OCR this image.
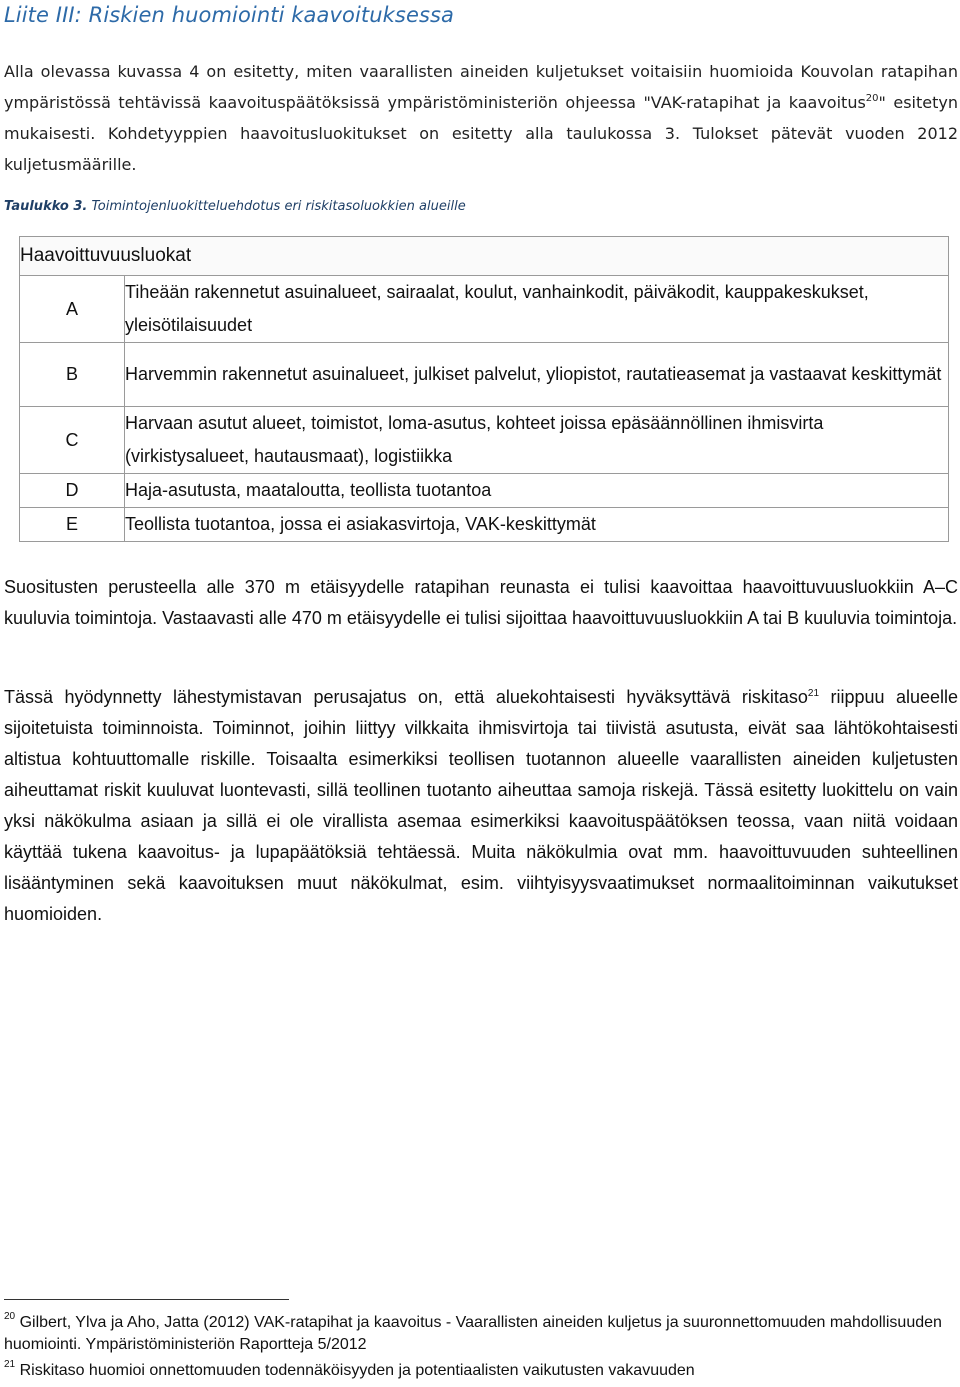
Liite III: Riskien huomiointi kaavoituksessa
Alla olevassa kuvassa 4 on esitetty, miten vaarallisten aineiden kuljetukset voitaisiin huomioida Kouvolan ratapihan ympäristössä tehtävissä kaavoituspäätöksissä ympäristöministeriön ohjeessa "VAK-ratapihat ja kaavoitus$^{20}$" esitetyn mukaisesti. Kohdetyyppien haavoitusluokitukset on esitetty alla taulukossa 3. Tulokset pätevät vuoden 2012 kuljetusmäärille.
Taulukko 3. Toimintojenluokitteluehdotus eri riskitasoluokkien alueille
Haavoittuvuusluokat	
A	Tiheään rakennetut asuinalueet, sairaalat, koulut, vanhainkodit, päiväkodit, kauppakeskukset, yleisötilaisuudet
B	Harvemmin rakennetut asuinalueet, julkiset palvelut, yliopistot, rautatieasemat ja vastaavat keskittymät
C	Harvaan asutut alueet, toimistot, loma-asutus, kohteet joissa epäsäännöllinen ihmisvirta (virkistysalueet, hautausmaat), logistiikka
D	Haja-asutusta, maataloutta, teollista tuotantoa
E	Teollista tuotantoa, jossa ei asiakasvirtoja, VAK-keskittymät
Suositusten perusteella alle 370 m etäisyydelle ratapihan reunasta ei tulisi kaavoittaa haavoittuvuusluokkiin A–C kuuluvia toimintoja. Vastaavasti alle 470 m etäisyydelle ei tulisi sijoittaa haavoittuvuusluokkiin A tai B kuuluvia toimintoja.
Tässä hyödynnetty lähestymistavan perusajatus on, että aluekohtaisesti hyväksyttävä riskitaso$^{21}$ riippuu alueelle sijoitetuista toiminnoista. Toiminnot, joihin liittyy vilkkaita ihmisvirtoja tai tiivistä asutusta, eivät saa lähtökohtaisesti altistua kohtuuttomalle riskille. Toisaalta esimerkiksi teollisen tuotannon alueelle vaarallisten aineiden kuljetusten aiheuttamat riskit kuuluvat luontevasti, sillä teollinen tuotanto aiheuttaa samoja riskejä. Tässä esitetty luokittelu on vain yksi näkökulma asiaan ja sillä ei ole virallista asemaa esimerkiksi kaavoituspäätöksen teossa, vaan niitä voidaan käyttää tukena kaavoitus- ja lupapäätöksiä tehtäessä. Muita näkökulmia ovat mm. haavoittuvuuden suhteellinen lisääntyminen sekä kaavoituksen muut näkökulmat, esim. viihtyisyysvaatimukset normaalitoiminnan vaikutukset huomioiden.
$^{20}$ Gilbert, Ylva ja Aho, Jatta (2012) VAK-ratapihat ja kaavoitus - Vaarallisten aineiden kuljetus ja suuronnettomuuden mahdollisuuden huomiointi. Ympäristöministeriön Raportteja 5/2012
$^{21}$ Riskitaso huomioi onnettomuuden todennäköisyyden ja potentiaalisten vaikutusten vakavuuden
